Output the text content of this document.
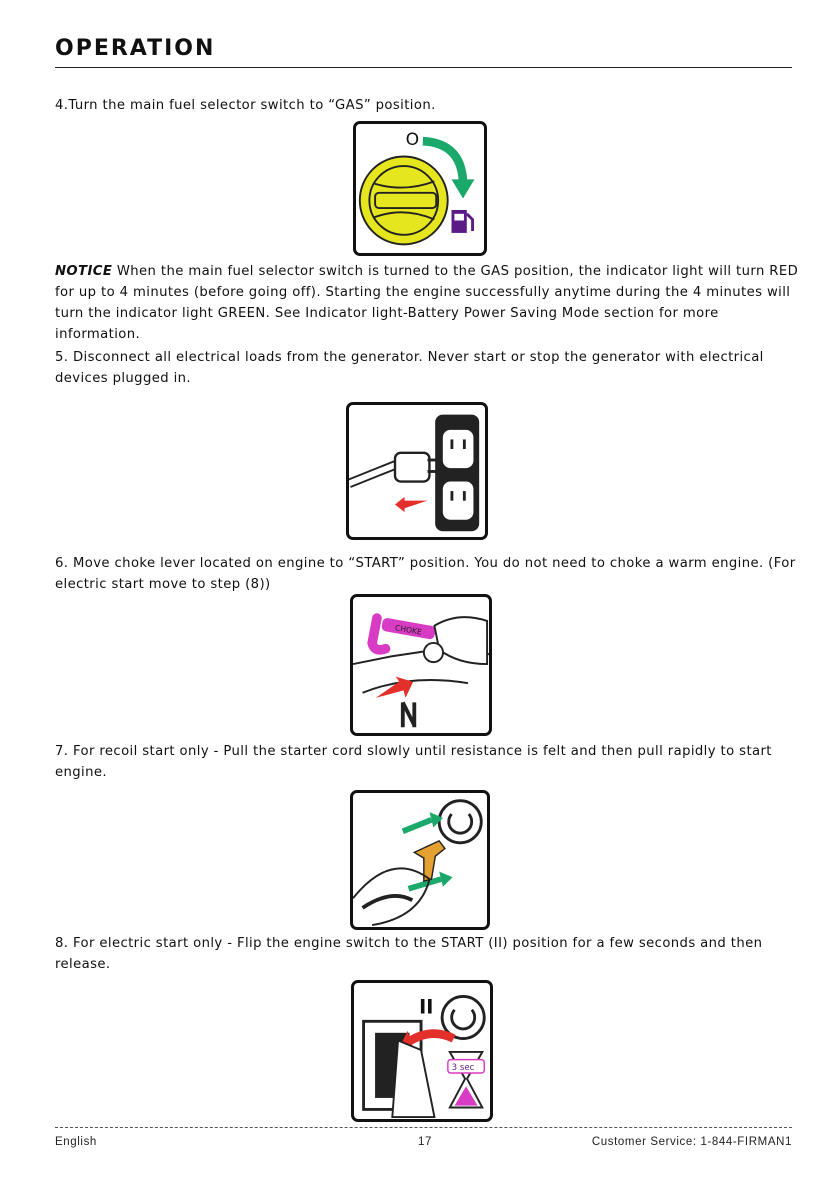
OPERATION

4.Turn the main fuel selector switch to “GAS” position.

O

NOTICE When the main fuel selector switch is turned to the GAS position, the indicator light will turn RED for up to 4 minutes (before going off). Starting the engine successfully anytime during the 4 minutes will turn the indicator light GREEN. See Indicator light-Battery Power Saving Mode section for more information.

5. Disconnect all electrical loads from the generator. Never start or stop the generator with electrical devices plugged in.

6. Move choke lever located on engine to “START” position. You do not need to choke a warm engine. (For electric start move to step (8))

CHOKE

7. For recoil start only - Pull the starter cord slowly until resistance is felt and then pull rapidly to start engine.

8. For electric start only - Flip the engine switch to the START (II) position for a few seconds and then release.

II
3 sec
English	17	Customer Service: 1-844-FIRMAN1
